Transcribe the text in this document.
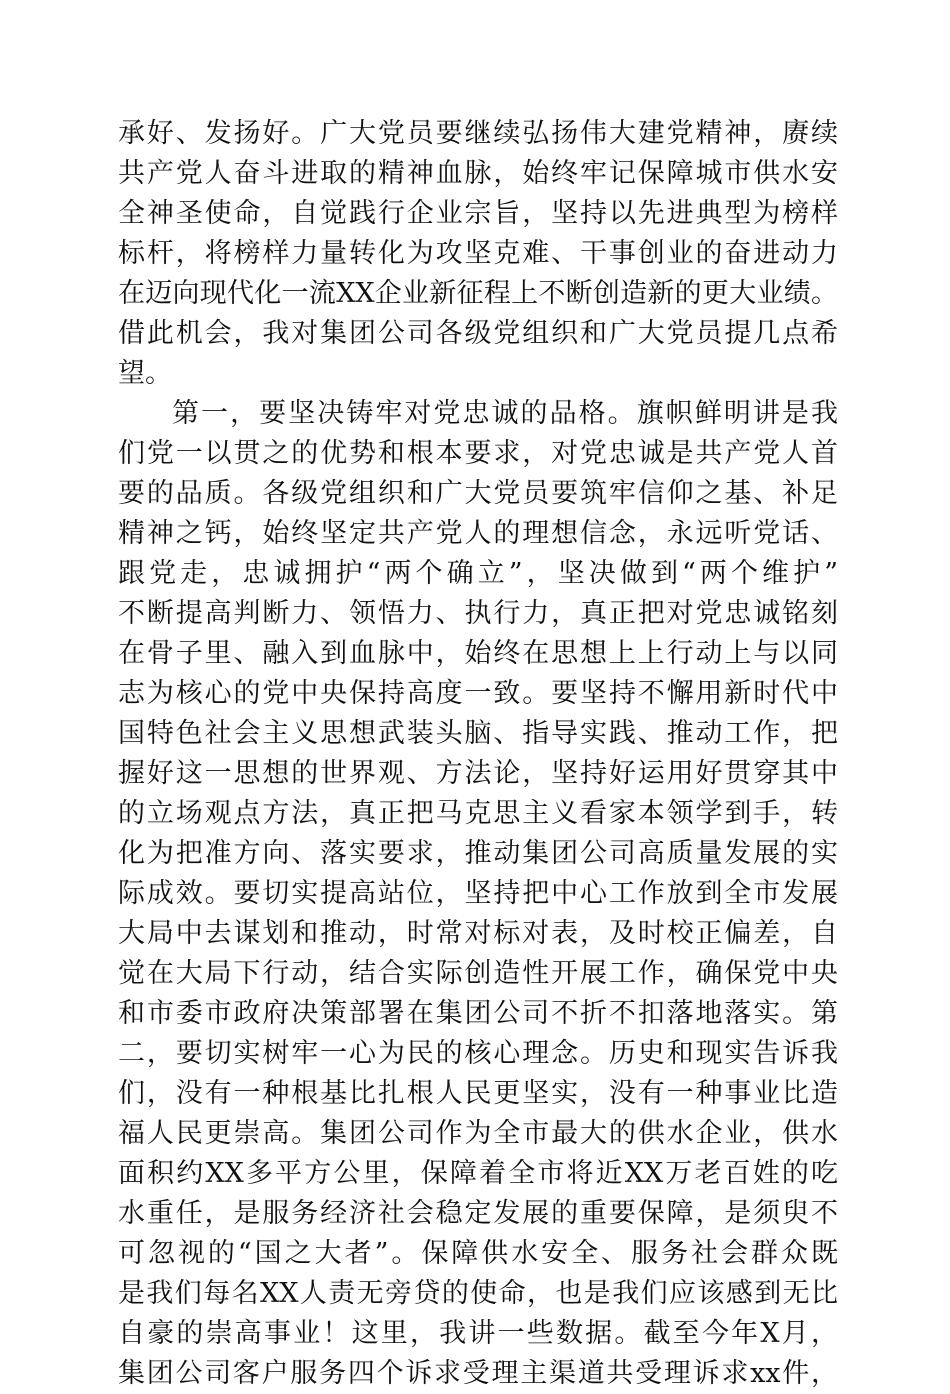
承好、发扬好。广大党员要继续弘扬伟大建党精神，赓续
共产党人奋斗进取的精神血脉，始终牢记保障城市供水安
全神圣使命，自觉践行企业宗旨，坚持以先进典型为榜样
标杆，将榜样力量转化为攻坚克难、干事创业的奋进动力
在迈向现代化一流XX企业新征程上不断创造新的更大业绩。
借此机会，我对集团公司各级党组织和广大党员提几点希
望。
第一，要坚决铸牢对党忠诚的品格。旗帜鲜明讲是我
们党一以贯之的优势和根本要求，对党忠诚是共产党人首
要的品质。各级党组织和广大党员要筑牢信仰之基、补足
精神之钙，始终坚定共产党人的理想信念，永远听党话、
跟党走，忠诚拥护“两个确立”，坚决做到“两个维护”
不断提高判断力、领悟力、执行力，真正把对党忠诚铭刻
在骨子里、融入到血脉中，始终在思想上上行动上与以同
志为核心的党中央保持高度一致。要坚持不懈用新时代中
国特色社会主义思想武装头脑、指导实践、推动工作，把
握好这一思想的世界观、方法论，坚持好运用好贯穿其中
的立场观点方法，真正把马克思主义看家本领学到手，转
化为把准方向、落实要求，推动集团公司高质量发展的实
际成效。要切实提高站位，坚持把中心工作放到全市发展
大局中去谋划和推动，时常对标对表，及时校正偏差，自
觉在大局下行动，结合实际创造性开展工作，确保党中央
和市委市政府决策部署在集团公司不折不扣落地落实。第
二，要切实树牢一心为民的核心理念。历史和现实告诉我
们，没有一种根基比扎根人民更坚实，没有一种事业比造
福人民更崇高。集团公司作为全市最大的供水企业，供水
面积约XX多平方公里，保障着全市将近XX万老百姓的吃
水重任，是服务经济社会稳定发展的重要保障，是须臾不
可忽视的“国之大者”。保障供水安全、服务社会群众既
是我们每名XX人责无旁贷的使命，也是我们应该感到无比
自豪的崇高事业！这里，我讲一些数据。截至今年X月，
集团公司客户服务四个诉求受理主渠道共受理诉求xx件，
